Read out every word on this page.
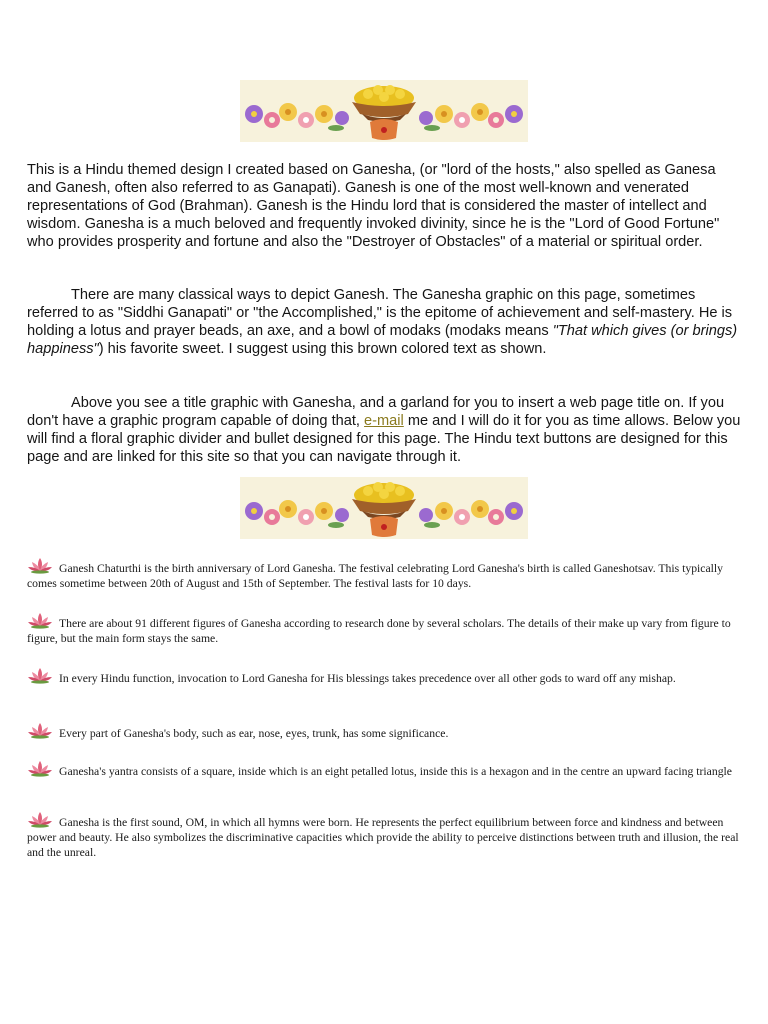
This is a Hindu themed design I created based on Ganesha, (or "lord of the hosts," also spelled as Ganesa and Ganesh, often also referred to as Ganapati). Ganesh is one of the most well-known and venerated representations of God (Brahman). Ganesh is the Hindu lord that is considered the master of intellect and wisdom. Ganesha is a much beloved and frequently invoked divinity, since he is the "Lord of Good Fortune" who provides prosperity and fortune and also the "Destroyer of Obstacles" of a material or spiritual order.

There are many classical ways to depict Ganesh. The Ganesha graphic on this page, sometimes referred to as "Siddhi Ganapati" or "the Accomplished," is the epitome of achievement and self-mastery. He is holding a lotus and prayer beads, an axe, and a bowl of modaks (modaks means "That which gives (or brings) happiness") his favorite sweet. I suggest using this brown colored text as shown.

Above you see a title graphic with Ganesha, and a garland for you to insert a web page title on. If you don't have a graphic program capable of doing that, e-mail me and I will do it for you as time allows. Below you will find a floral graphic divider and bullet designed for this page. The Hindu text buttons are designed for this page and are linked for this site so that you can navigate through it.

Ganesh Chaturthi is the birth anniversary of Lord Ganesha. The festival celebrating Lord Ganesha's birth is called Ganeshotsav. This typically comes sometime between 20th of August and 15th of September. The festival lasts for 10 days.
There are about 91 different figures of Ganesha according to research done by several scholars. The details of their make up vary from figure to figure, but the main form stays the same.
In every Hindu function, invocation to Lord Ganesha for His blessings takes precedence over all other gods to ward off any mishap.
Every part of Ganesha's body, such as ear, nose, eyes, trunk, has some significance.
Ganesha's yantra consists of a square, inside which is an eight petalled lotus, inside this is a hexagon and in the centre an upward facing triangle
Ganesha is the first sound, OM, in which all hymns were born. He represents the perfect equilibrium between force and kindness and between power and beauty. He also symbolizes the discriminative capacities which provide the ability to perceive distinctions between truth and illusion, the real and the unreal.
